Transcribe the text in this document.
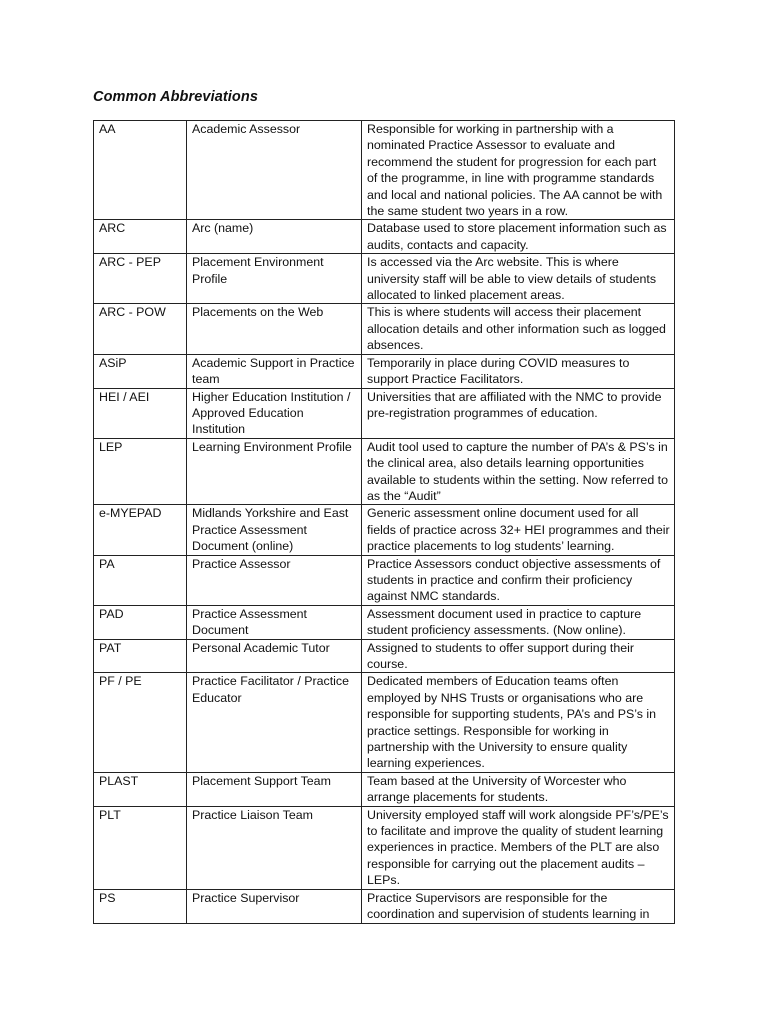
Common Abbreviations
AA	Academic Assessor	Responsible for working in partnership with a nominated Practice Assessor to evaluate and recommend the student for progression for each part of the programme, in line with programme standards and local and national policies. The AA cannot be with the same student two years in a row.
ARC	Arc (name)	Database used to store placement information such as audits, contacts and capacity.
ARC - PEP	Placement Environment Profile	Is accessed via the Arc website. This is where university staff will be able to view details of students allocated to linked placement areas.
ARC - POW	Placements on the Web	This is where students will access their placement allocation details and other information such as logged absences.
ASiP	Academic Support in Practice team	Temporarily in place during COVID measures to support Practice Facilitators.
HEI / AEI	Higher Education Institution / Approved Education Institution	Universities that are affiliated with the NMC to provide pre-registration programmes of education.
LEP	Learning Environment Profile	Audit tool used to capture the number of PA’s & PS’s in the clinical area, also details learning opportunities available to students within the setting. Now referred to as the “Audit”
e-MYEPAD	Midlands Yorkshire and East Practice Assessment Document (online)	Generic assessment online document used for all fields of practice across 32+ HEI programmes and their practice placements to log students’ learning.
PA	Practice Assessor	Practice Assessors conduct objective assessments of students in practice and confirm their proficiency against NMC standards.
PAD	Practice Assessment Document	Assessment document used in practice to capture student proficiency assessments. (Now online).
PAT	Personal Academic Tutor	Assigned to students to offer support during their course.
PF / PE	Practice Facilitator / Practice Educator	Dedicated members of Education teams often employed by NHS Trusts or organisations who are responsible for supporting students, PA’s and PS’s in practice settings. Responsible for working in partnership with the University to ensure quality learning experiences.
PLAST	Placement Support Team	Team based at the University of Worcester who arrange placements for students.
PLT	Practice Liaison Team	University employed staff will work alongside PF’s/PE’s to facilitate and improve the quality of student learning experiences in practice. Members of the PLT are also responsible for carrying out the placement audits – LEPs.
PS	Practice Supervisor	Practice Supervisors are responsible for the coordination and supervision of students learning in
